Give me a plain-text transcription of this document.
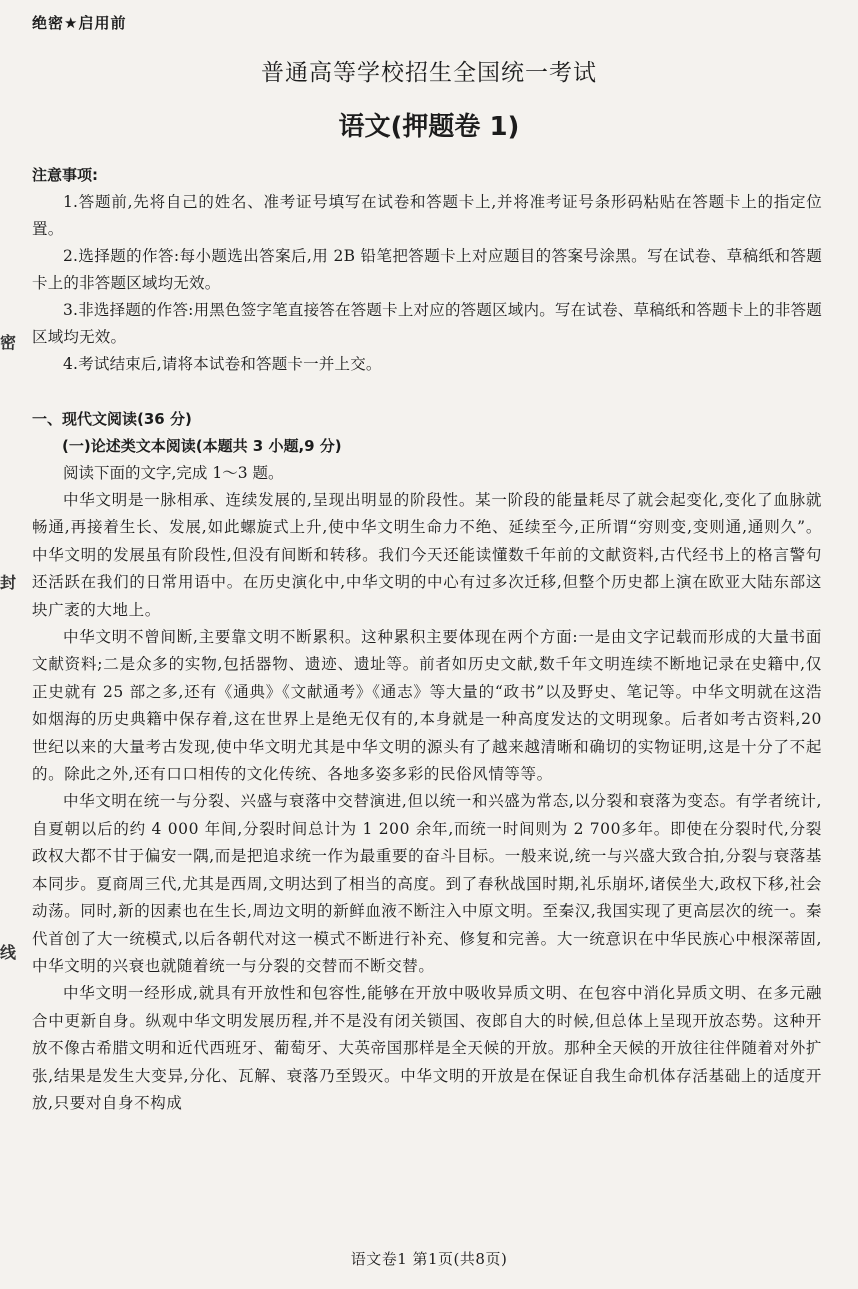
绝密★启用前
普通高等学校招生全国统一考试
语文(押题卷 1)
密
封
线
注意事项:

1.答题前,先将自己的姓名、准考证号填写在试卷和答题卡上,并将准考证号条形码粘贴在答题卡上的指定位置。

2.选择题的作答:每小题选出答案后,用 2B 铅笔把答题卡上对应题目的答案号涂黑。写在试卷、草稿纸和答题卡上的非答题区域均无效。

3.非选择题的作答:用黑色签字笔直接答在答题卡上对应的答题区域内。写在试卷、草稿纸和答题卡上的非答题区域均无效。

4.考试结束后,请将本试卷和答题卡一并上交。

一、现代文阅读(36 分)

(一)论述类文本阅读(本题共 3 小题,9 分)

阅读下面的文字,完成 1～3 题。

中华文明是一脉相承、连续发展的,呈现出明显的阶段性。某一阶段的能量耗尽了就会起变化,变化了血脉就畅通,再接着生长、发展,如此螺旋式上升,使中华文明生命力不绝、延续至今,正所谓“穷则变,变则通,通则久”。中华文明的发展虽有阶段性,但没有间断和转移。我们今天还能读懂数千年前的文献资料,古代经书上的格言警句还活跃在我们的日常用语中。在历史演化中,中华文明的中心有过多次迁移,但整个历史都上演在欧亚大陆东部这块广袤的大地上。

中华文明不曾间断,主要靠文明不断累积。这种累积主要体现在两个方面:一是由文字记载而形成的大量书面文献资料;二是众多的实物,包括器物、遗迹、遗址等。前者如历史文献,数千年文明连续不断地记录在史籍中,仅正史就有 25 部之多,还有《通典》《文献通考》《通志》等大量的“政书”以及野史、笔记等。中华文明就在这浩如烟海的历史典籍中保存着,这在世界上是绝无仅有的,本身就是一种高度发达的文明现象。后者如考古资料,20 世纪以来的大量考古发现,使中华文明尤其是中华文明的源头有了越来越清晰和确切的实物证明,这是十分了不起的。除此之外,还有口口相传的文化传统、各地多姿多彩的民俗风情等等。

中华文明在统一与分裂、兴盛与衰落中交替演进,但以统一和兴盛为常态,以分裂和衰落为变态。有学者统计,自夏朝以后的约 4 000 年间,分裂时间总计为 1 200 余年,而统一时间则为 2 700多年。即使在分裂时代,分裂政权大都不甘于偏安一隅,而是把追求统一作为最重要的奋斗目标。一般来说,统一与兴盛大致合拍,分裂与衰落基本同步。夏商周三代,尤其是西周,文明达到了相当的高度。到了春秋战国时期,礼乐崩坏,诸侯坐大,政权下移,社会动荡。同时,新的因素也在生长,周边文明的新鲜血液不断注入中原文明。至秦汉,我国实现了更高层次的统一。秦代首创了大一统模式,以后各朝代对这一模式不断进行补充、修复和完善。大一统意识在中华民族心中根深蒂固,中华文明的兴衰也就随着统一与分裂的交替而不断交替。

中华文明一经形成,就具有开放性和包容性,能够在开放中吸收异质文明、在包容中消化异质文明、在多元融合中更新自身。纵观中华文明发展历程,并不是没有闭关锁国、夜郎自大的时候,但总体上呈现开放态势。这种开放不像古希腊文明和近代西班牙、葡萄牙、大英帝国那样是全天候的开放。那种全天候的开放往往伴随着对外扩张,结果是发生大变异,分化、瓦解、衰落乃至毁灭。中华文明的开放是在保证自我生命机体存活基础上的适度开放,只要对自身不构成

语文卷1 第1页(共8页)
